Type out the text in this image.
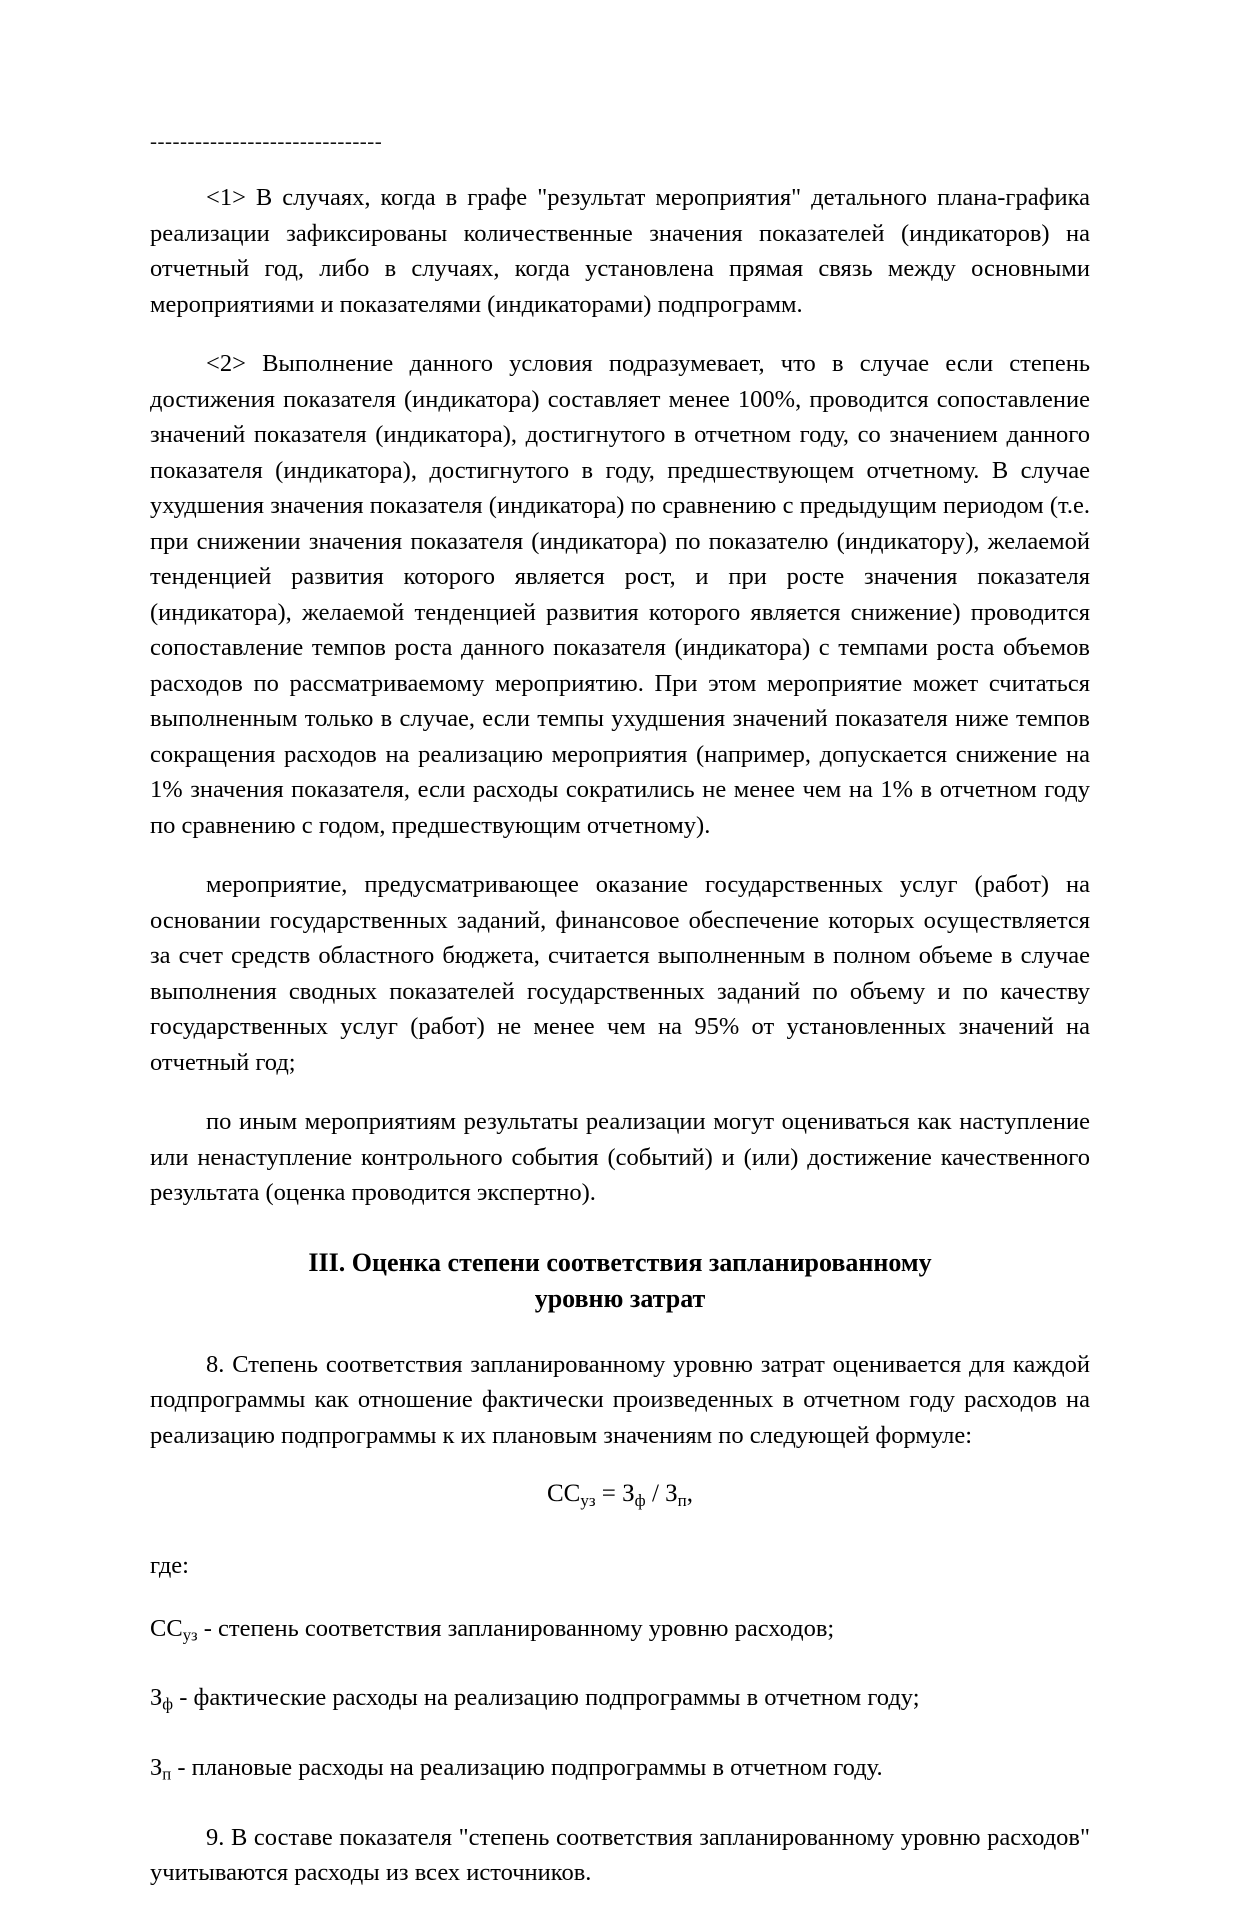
-------------------------------

<1> В случаях, когда в графе "результат мероприятия" детального плана-графика реализации зафиксированы количественные значения показателей (индикаторов) на отчетный год, либо в случаях, когда установлена прямая связь между основными мероприятиями и показателями (индикаторами) подпрограмм.

<2> Выполнение данного условия подразумевает, что в случае если степень достижения показателя (индикатора) составляет менее 100%, проводится сопоставление значений показателя (индикатора), достигнутого в отчетном году, со значением данного показателя (индикатора), достигнутого в году, предшествующем отчетному. В случае ухудшения значения показателя (индикатора) по сравнению с предыдущим периодом (т.е. при снижении значения показателя (индикатора) по показателю (индикатору), желаемой тенденцией развития которого является рост, и при росте значения показателя (индикатора), желаемой тенденцией развития которого является снижение) проводится сопоставление темпов роста данного показателя (индикатора) с темпами роста объемов расходов по рассматриваемому мероприятию. При этом мероприятие может считаться выполненным только в случае, если темпы ухудшения значений показателя ниже темпов сокращения расходов на реализацию мероприятия (например, допускается снижение на 1% значения показателя, если расходы сократились не менее чем на 1% в отчетном году по сравнению с годом, предшествующим отчетному).

мероприятие, предусматривающее оказание государственных услуг (работ) на основании государственных заданий, финансовое обеспечение которых осуществляется за счет средств областного бюджета, считается выполненным в полном объеме в случае выполнения сводных показателей государственных заданий по объему и по качеству государственных услуг (работ) не менее чем на 95% от установленных значений на отчетный год;

по иным мероприятиям результаты реализации могут оцениваться как наступление или ненаступление контрольного события (событий) и (или) достижение качественного результата (оценка проводится экспертно).

III. Оценка степени соответствия запланированному
уровню затрат

8. Степень соответствия запланированному уровню затрат оценивается для каждой подпрограммы как отношение фактически произведенных в отчетном году расходов на реализацию подпрограммы к их плановым значениям по следующей формуле:

$СС_{уз} = З_ф / З_п$,

где:

$СС_{уз}$ - степень соответствия запланированному уровню расходов;

$З_ф$ - фактические расходы на реализацию подпрограммы в отчетном году;

$З_п$ - плановые расходы на реализацию подпрограммы в отчетном году.

9. В составе показателя "степень соответствия запланированному уровню расходов" учитываются расходы из всех источников.
